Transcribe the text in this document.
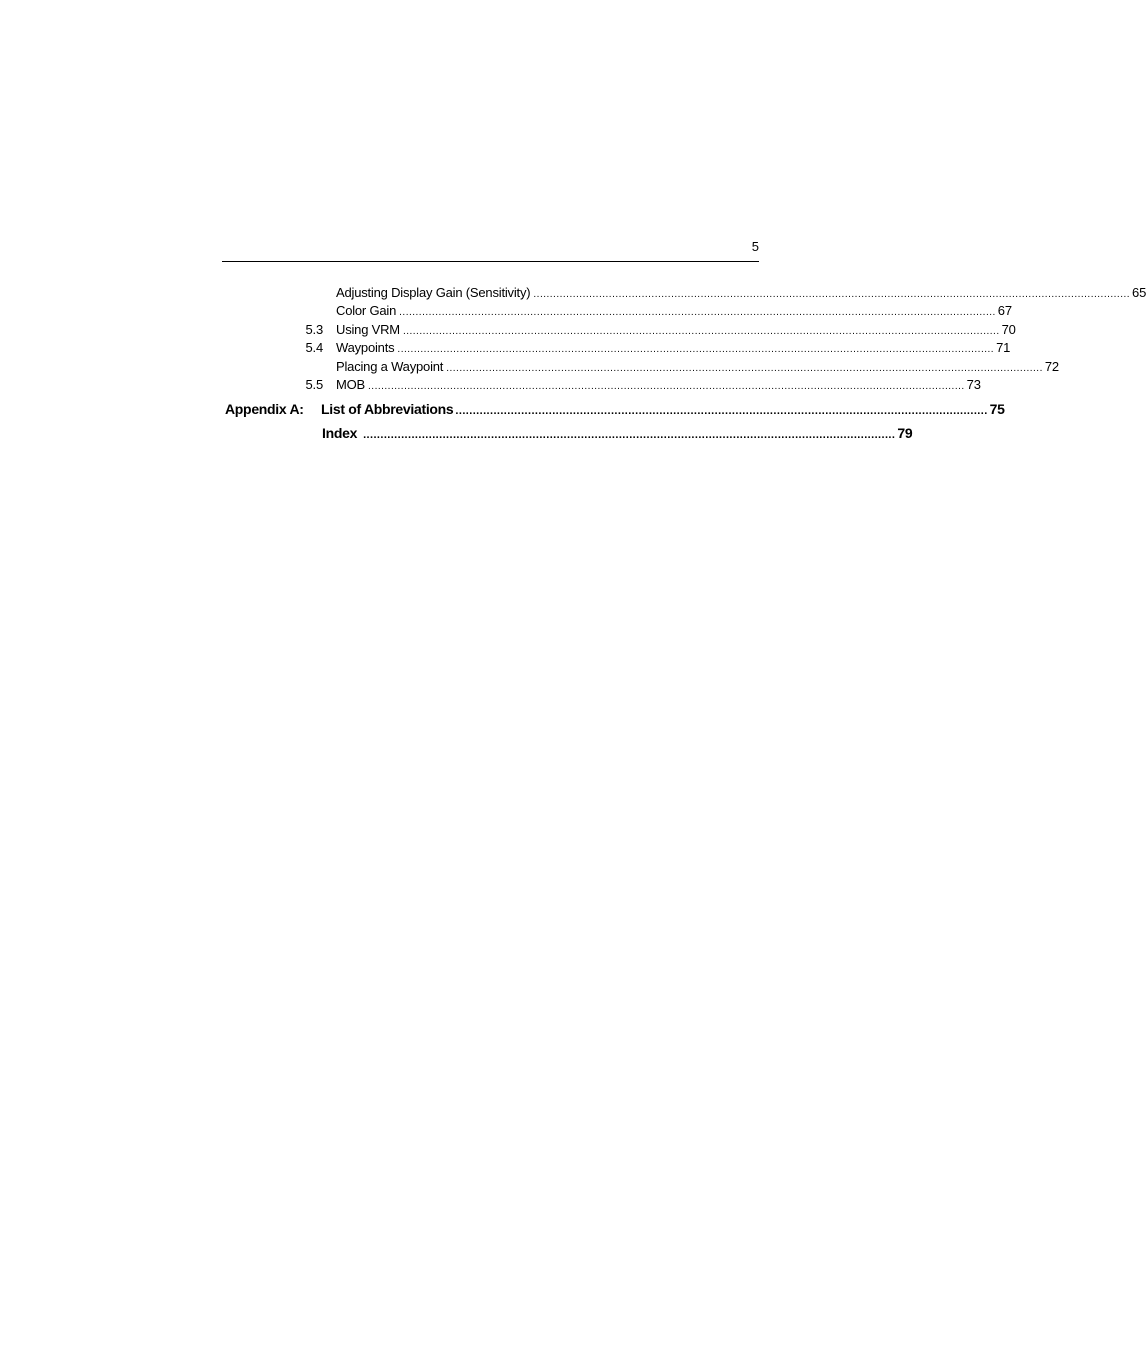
5
Adjusting Display Gain (Sensitivity) ...................................................................................................................................................................................... 65
Color Gain ...................................................................................................................................................................................... 67
5.3 Using VRM ...................................................................................................................................................................................... 70
5.4 Waypoints ...................................................................................................................................................................................... 71
Placing a Waypoint ...................................................................................................................................................................................... 72
5.5 MOB ...................................................................................................................................................................................... 73
Appendix A: List of Abbreviations .......................................................................................................................................................... 75
Index .......................................................................................................................................................... 79
